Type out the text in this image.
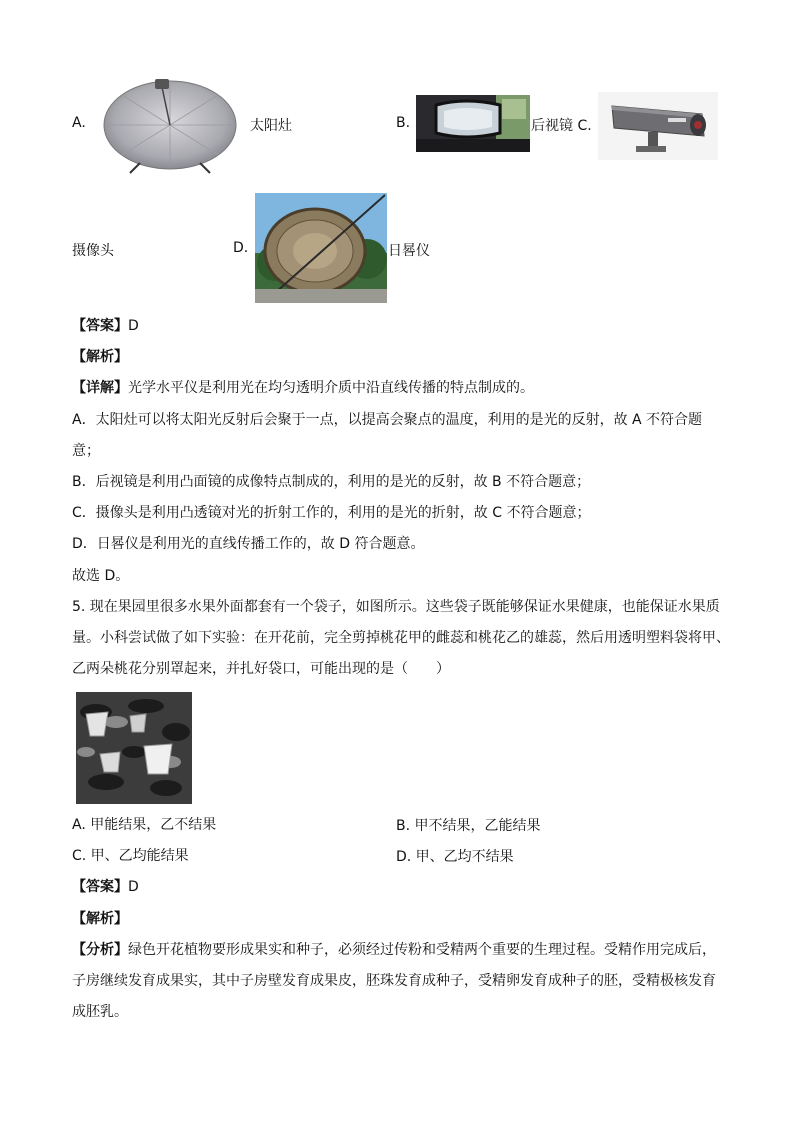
A.	太阳灶	B.	后视镜 C.
摄像头	D.	日晷仪
【答案】D
【解析】
【详解】光学水平仪是利用光在均匀透明介质中沿直线传播的特点制成的。
A．太阳灶可以将太阳光反射后会聚于一点，以提高会聚点的温度，利用的是光的反射，故 A 不符合题
意；
B．后视镜是利用凸面镜的成像特点制成的，利用的是光的反射，故 B 不符合题意；
C．摄像头是利用凸透镜对光的折射工作的，利用的是光的折射，故 C 不符合题意；
D．日晷仪是利用光的直线传播工作的，故 D 符合题意。
故选 D。
5. 现在果园里很多水果外面都套有一个袋子，如图所示。这些袋子既能够保证水果健康，也能保证水果质
量。小科尝试做了如下实验：在开花前，完全剪掉桃花甲的雌蕊和桃花乙的雄蕊，然后用透明塑料袋将甲、
乙两朵桃花分别罩起来，并扎好袋口，可能出现的是（　　）
A. 甲能结果，乙不结果	B. 甲不结果，乙能结果
C. 甲、乙均能结果	D. 甲、乙均不结果
【答案】D
【解析】
【分析】绿色开花植物要形成果实和种子，必须经过传粉和受精两个重要的生理过程。受精作用完成后，
子房继续发育成果实，其中子房壁发育成果皮，胚珠发育成种子，受精卵发育成种子的胚，受精极核发育
成胚乳。
